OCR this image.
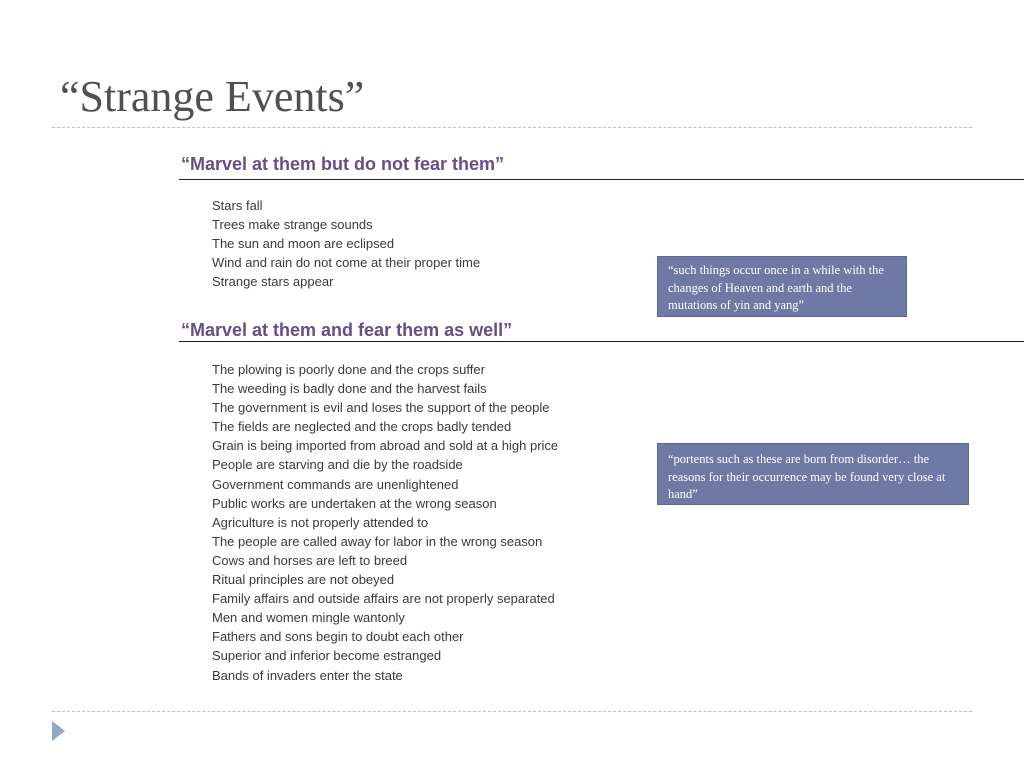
“Strange Events”
“Marvel at them but do not fear them”
Stars fall
Trees make strange sounds
The sun and moon are eclipsed
Wind and rain do not come at their proper time
Strange stars appear
“such things occur once in a while with the changes of Heaven and earth and the mutations of yin and yang”
“Marvel at them and fear them as well”
The plowing is poorly done and the crops suffer
The weeding is badly done and the harvest fails
The government is evil and loses the support of the people
The fields are neglected and the crops badly tended
Grain is being imported from abroad and sold at a high price
People are starving and die by the roadside
Government commands are unenlightened
Public works are undertaken at the wrong season
Agriculture is not properly attended to
The people are called away for labor in the wrong season
Cows and horses are left to breed
Ritual principles are not obeyed
Family affairs and outside affairs are not properly separated
Men and women mingle wantonly
Fathers and sons begin to doubt each other
Superior and inferior become estranged
Bands of invaders enter the state
“portents such as these are born from disorder… the reasons for their occurrence may be found very close at hand”
